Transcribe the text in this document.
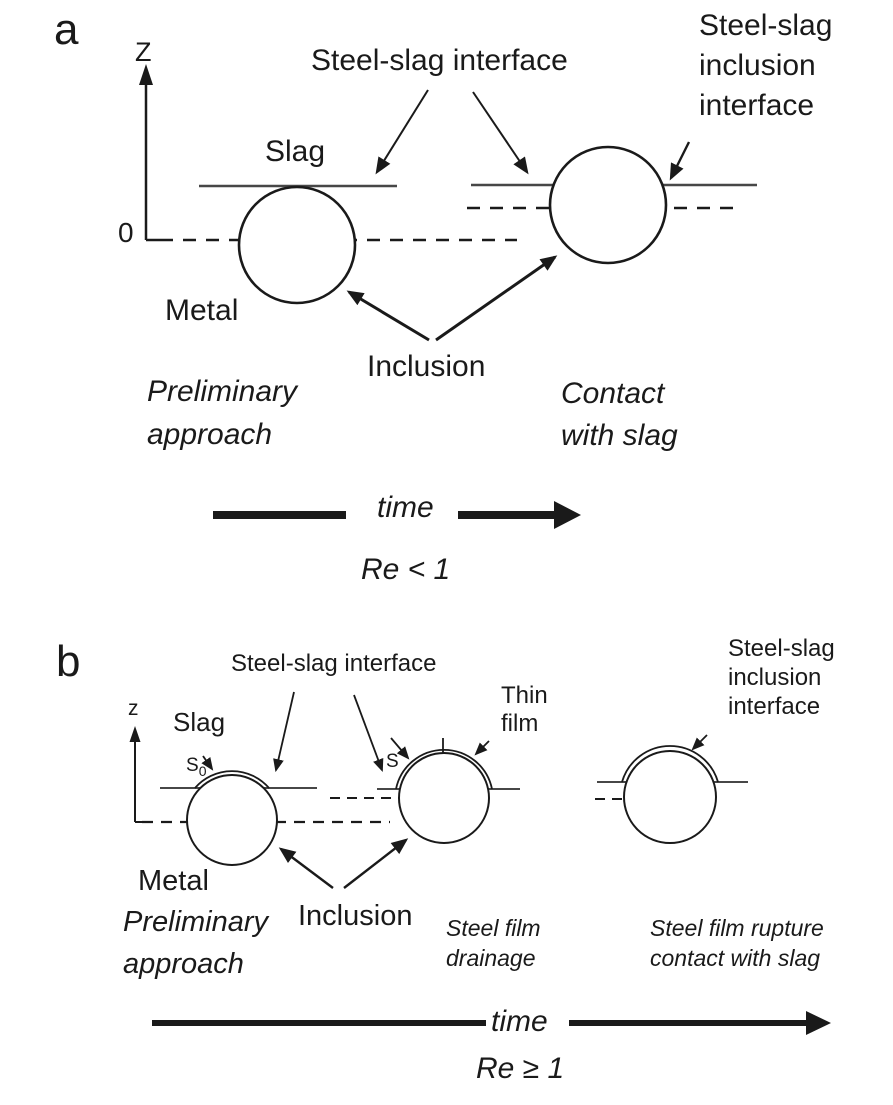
a Z	Steel-slag interface
Steel-slag
inclusion
interface
Slag
0
Metal
Inclusion
Preliminary
approach
Contact
with slag
time
Re < 1
b	Steel-slag interface
z Slag
Thin
film
Steel-slag
inclusion
interface
$S_0$	S
Metal
Preliminary
approach
Inclusion Steel film
drainage
Steel film rupture
contact with slag
time
Re ≥ 1
